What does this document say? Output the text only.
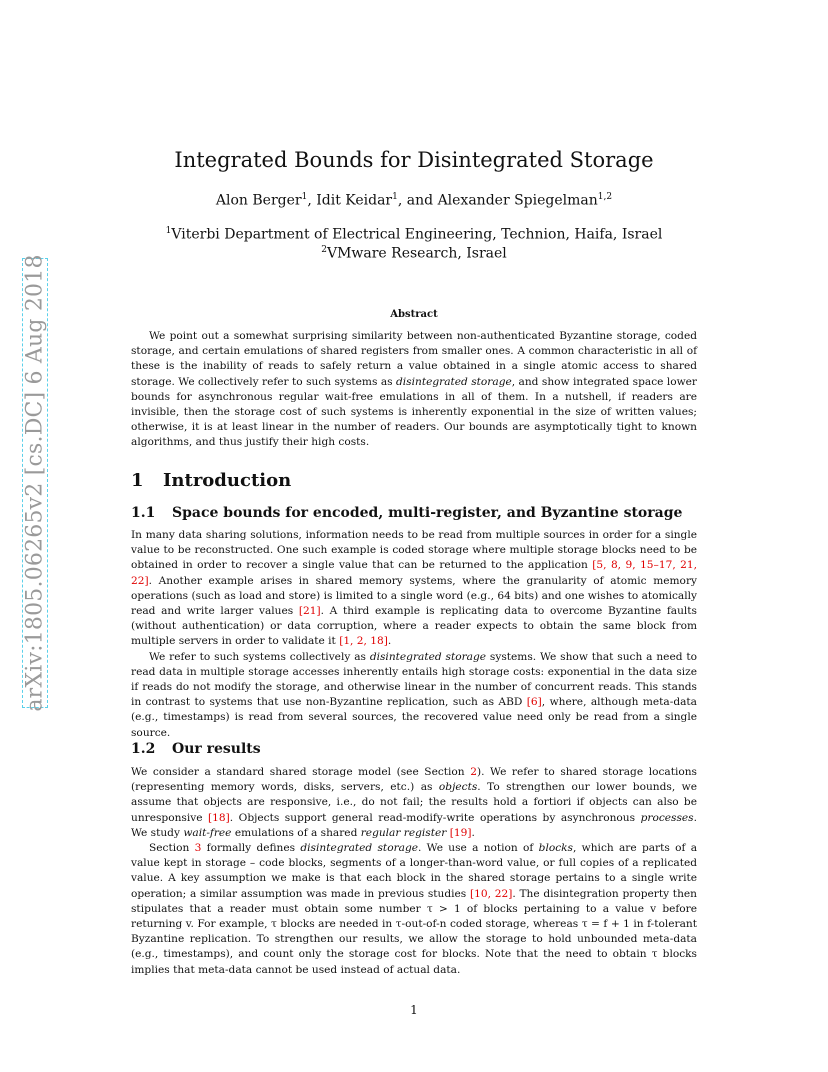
arXiv:1805.06265v2 [cs.DC] 6 Aug 2018
Integrated Bounds for Disintegrated Storage
Alon Berger$^1$, Idit Keidar$^1$, and Alexander Spiegelman$^{1,2}$
$^1$Viterbi Department of Electrical Engineering, Technion, Haifa, Israel
$^2$VMware Research, Israel
Abstract
We point out a somewhat surprising similarity between non-authenticated Byzantine storage, coded storage, and certain emulations of shared registers from smaller ones. A common characteristic in all of these is the inability of reads to safely return a value obtained in a single atomic access to shared storage. We collectively refer to such systems as disintegrated storage, and show integrated space lower bounds for asynchronous regular wait-free emulations in all of them. In a nutshell, if readers are invisible, then the storage cost of such systems is inherently exponential in the size of written values; otherwise, it is at least linear in the number of readers. Our bounds are asymptotically tight to known algorithms, and thus justify their high costs.
1 Introduction
1.1 Space bounds for encoded, multi-register, and Byzantine storage

In many data sharing solutions, information needs to be read from multiple sources in order for a single value to be reconstructed. One such example is coded storage where multiple storage blocks need to be obtained in order to recover a single value that can be returned to the application [5, 8, 9, 15–17, 21, 22]. Another example arises in shared memory systems, where the granularity of atomic memory operations (such as load and store) is limited to a single word (e.g., 64 bits) and one wishes to atomically read and write larger values [21]. A third example is replicating data to overcome Byzantine faults (without authentication) or data corruption, where a reader expects to obtain the same block from multiple servers in order to validate it [1, 2, 18].

We refer to such systems collectively as disintegrated storage systems. We show that such a need to read data in multiple storage accesses inherently entails high storage costs: exponential in the data size if reads do not modify the storage, and otherwise linear in the number of concurrent reads. This stands in contrast to systems that use non-Byzantine replication, such as ABD [6], where, although meta-data (e.g., timestamps) is read from several sources, the recovered value need only be read from a single source.

1.2 Our results

We consider a standard shared storage model (see Section 2). We refer to shared storage locations (representing memory words, disks, servers, etc.) as objects. To strengthen our lower bounds, we assume that objects are responsive, i.e., do not fail; the results hold a fortiori if objects can also be unresponsive [18]. Objects support general read-modify-write operations by asynchronous processes. We study wait-free emulations of a shared regular register [19].

Section 3 formally defines disintegrated storage. We use a notion of blocks, which are parts of a value kept in storage – code blocks, segments of a longer-than-word value, or full copies of a replicated value. A key assumption we make is that each block in the shared storage pertains to a single write operation; a similar assumption was made in previous studies [10, 22]. The disintegration property then stipulates that a reader must obtain some number τ > 1 of blocks pertaining to a value v before returning v. For example, τ blocks are needed in τ-out-of-n coded storage, whereas τ = f + 1 in f-tolerant Byzantine replication. To strengthen our results, we allow the storage to hold unbounded meta-data (e.g., timestamps), and count only the storage cost for blocks. Note that the need to obtain τ blocks implies that meta-data cannot be used instead of actual data.

1
